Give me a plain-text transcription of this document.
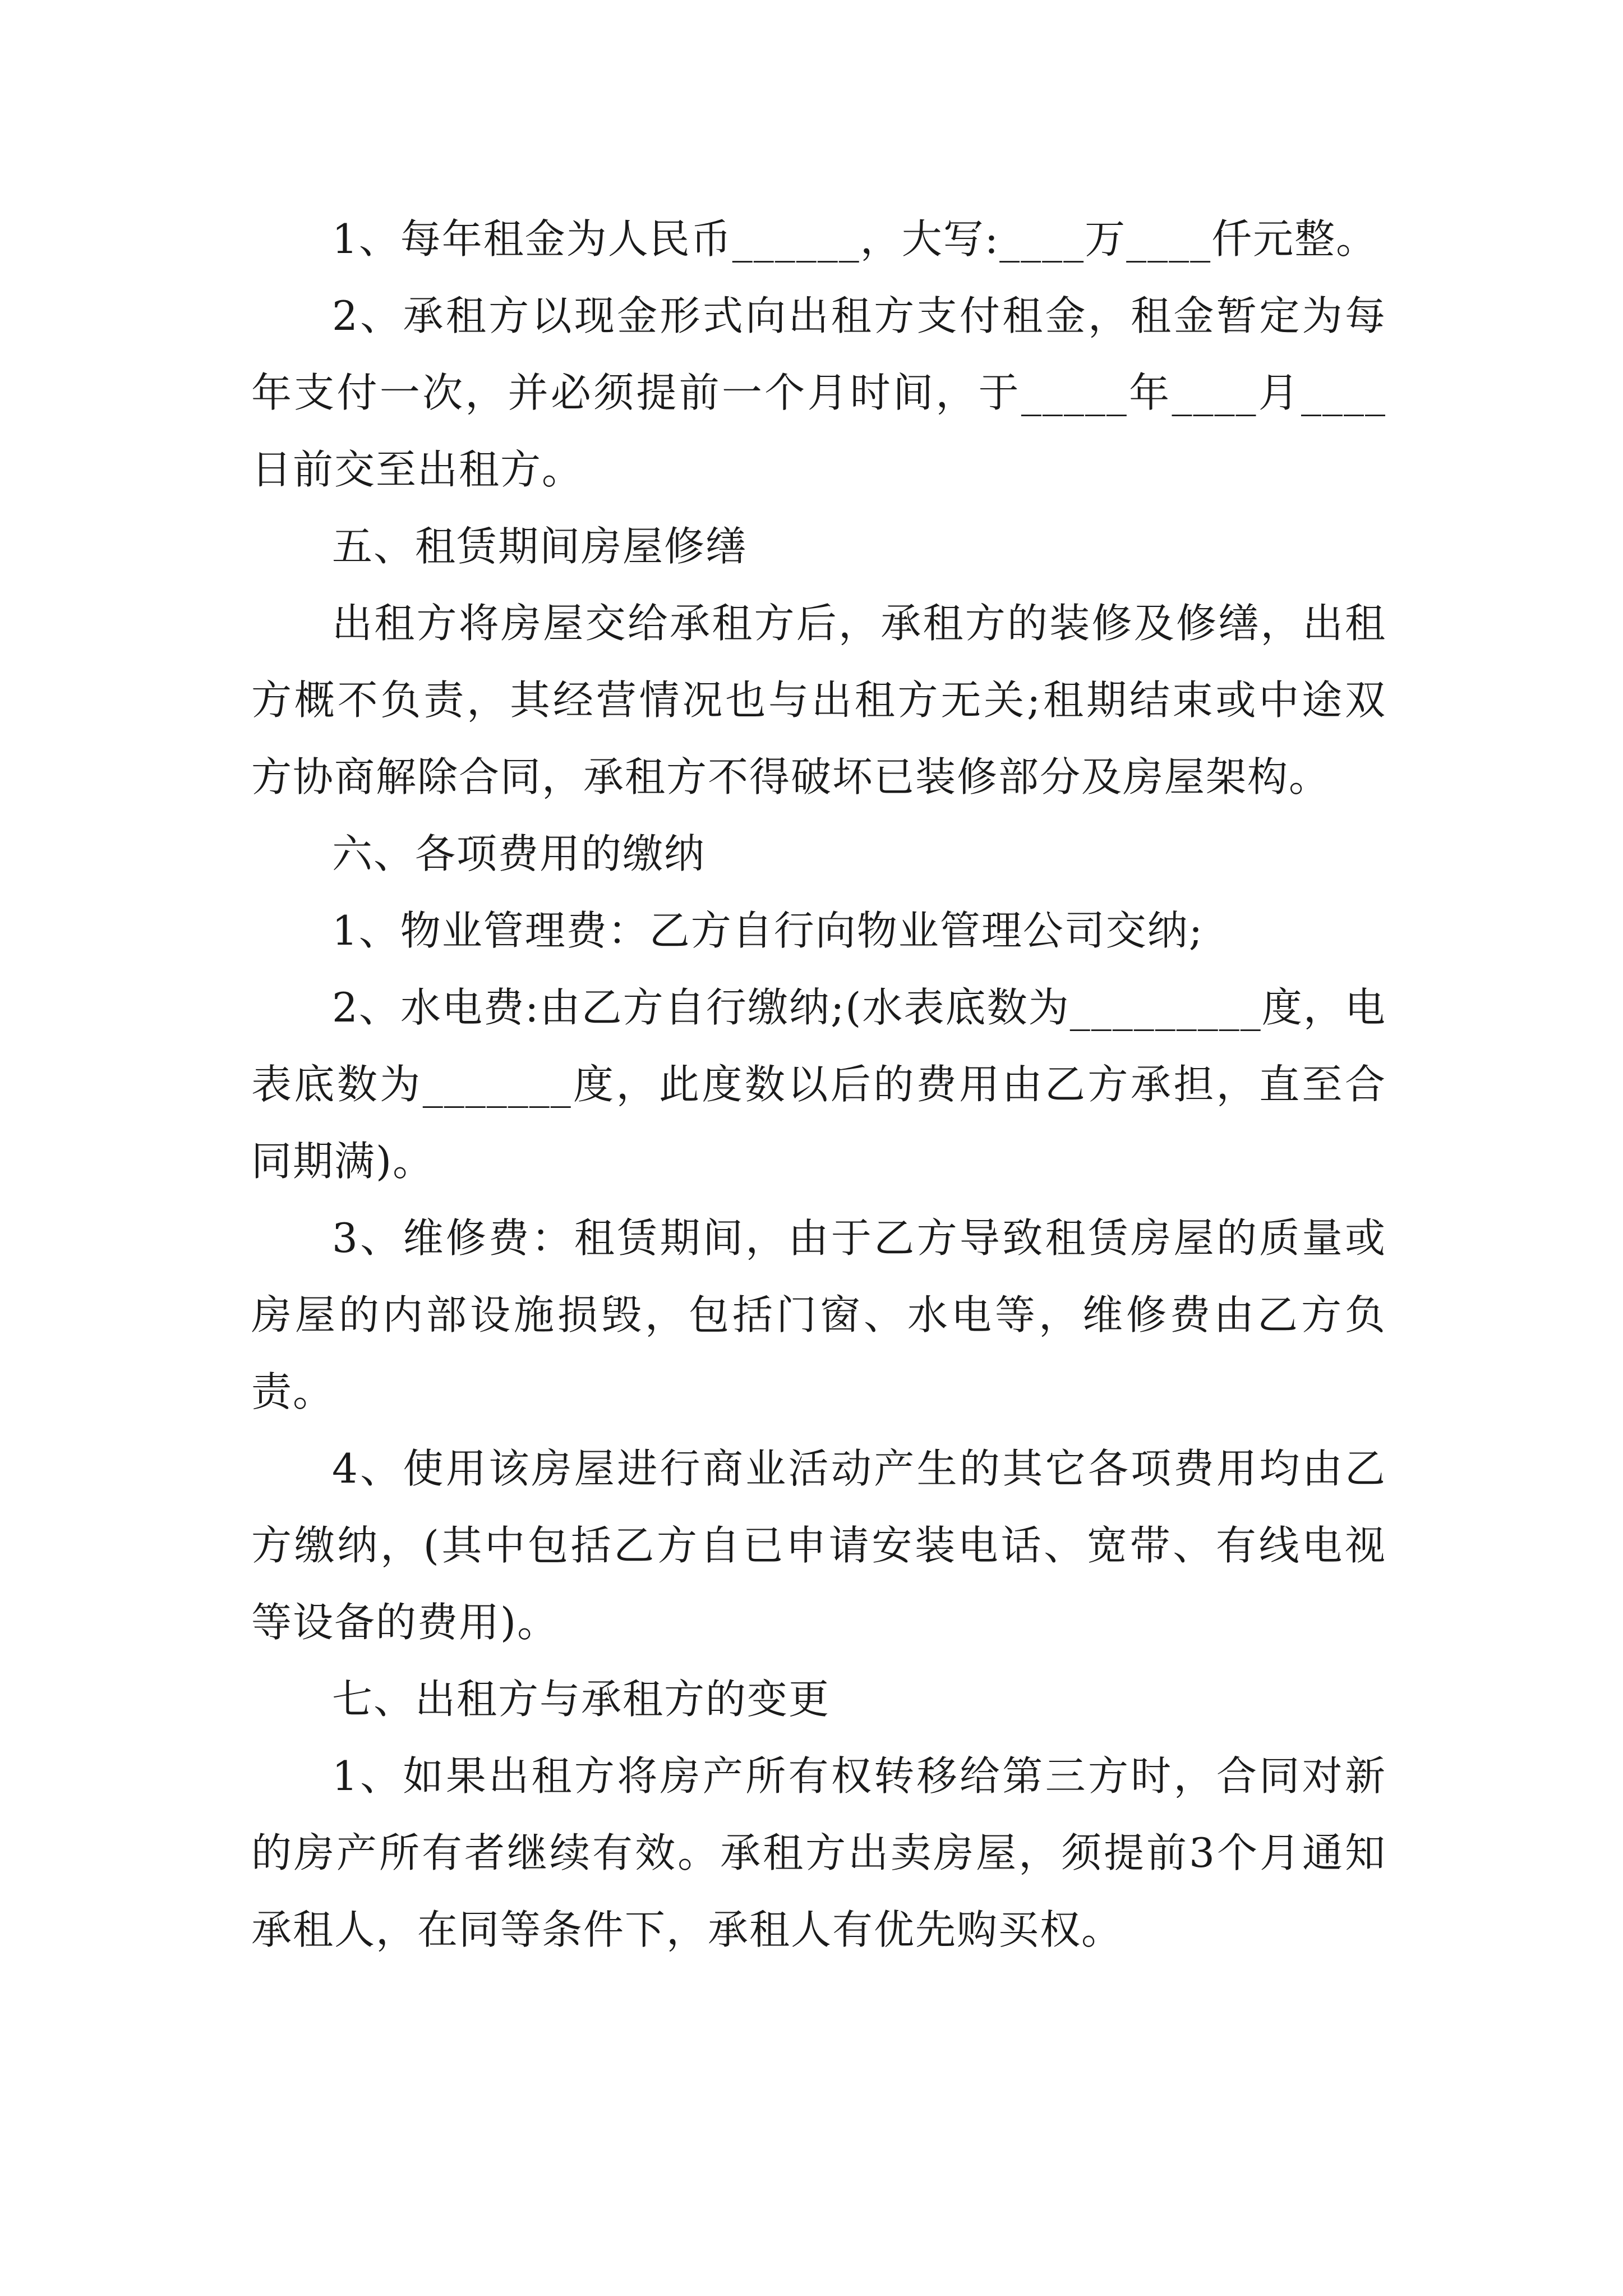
1、每年租金为人民币______，大写:____万____仟元整。

2、承租方以现金形式向出租方支付租金，租金暂定为每年支付一次，并必须提前一个月时间，于_____年____月____日前交至出租方。

五、租赁期间房屋修缮

出租方将房屋交给承租方后，承租方的装修及修缮，出租方概不负责，其经营情况也与出租方无关;租期结束或中途双方协商解除合同，承租方不得破坏已装修部分及房屋架构。

六、各项费用的缴纳

1、物业管理费：乙方自行向物业管理公司交纳;

2、水电费:由乙方自行缴纳;(水表底数为_________度，电表底数为_______度，此度数以后的费用由乙方承担，直至合同期满)。

3、维修费：租赁期间，由于乙方导致租赁房屋的质量或房屋的内部设施损毁，包括门窗、水电等，维修费由乙方负责。

4、使用该房屋进行商业活动产生的其它各项费用均由乙方缴纳，(其中包括乙方自已申请安装电话、宽带、有线电视等设备的费用)。

七、出租方与承租方的变更

1、如果出租方将房产所有权转移给第三方时，合同对新的房产所有者继续有效。承租方出卖房屋，须提前3个月通知承租人，在同等条件下，承租人有优先购买权。
